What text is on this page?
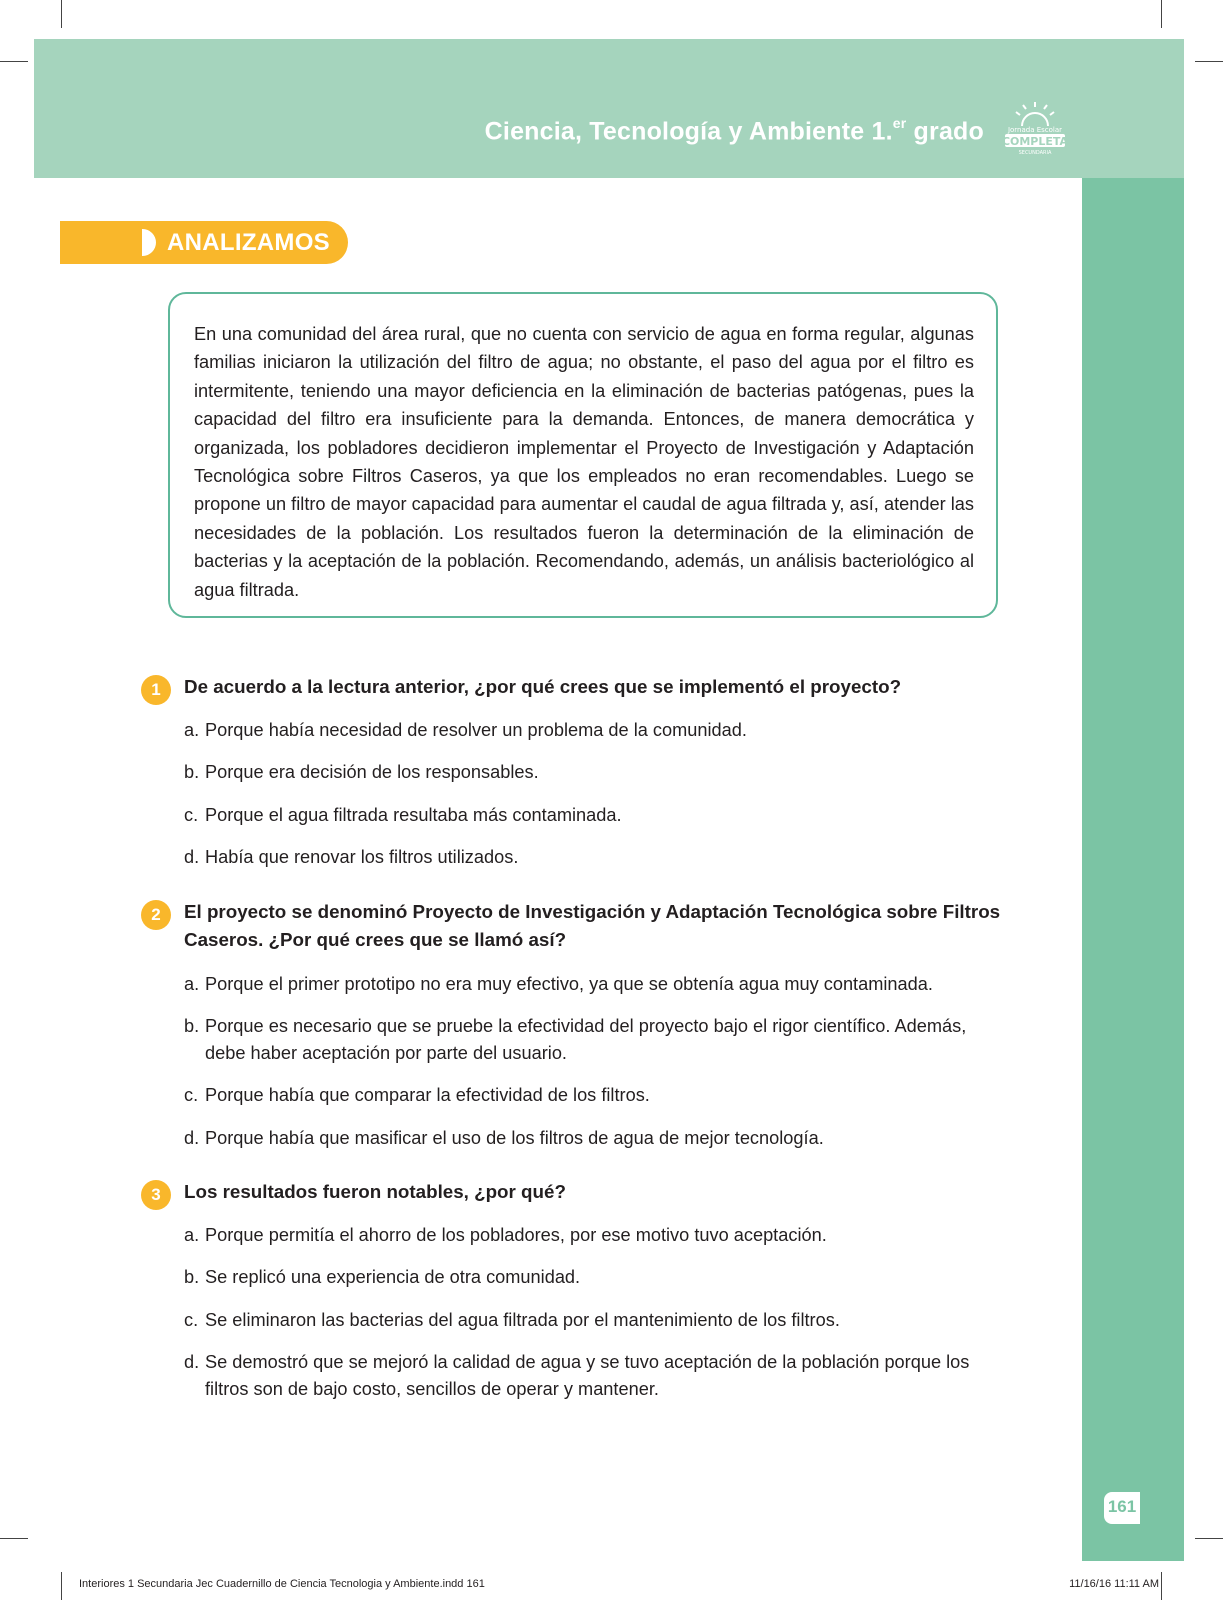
Ciencia, Tecnología y Ambiente 1.$^{er}$ grado	Jornada Escolar
COMPLETA
SECUNDARIA
161
ANALIZAMOS
En una comunidad del área rural, que no cuenta con servicio de agua en forma regular, algunas familias iniciaron la utilización del filtro de agua; no obstante, el paso del agua por el filtro es intermitente, teniendo una mayor deficiencia en la eliminación de bacterias patógenas, pues la capacidad del filtro era insuficiente para la demanda. Entonces, de manera democrática y organizada, los pobladores decidieron implementar el Proyecto de Investigación y Adaptación Tecnológica sobre Filtros Caseros, ya que los empleados no eran recomendables. Luego se propone un filtro de mayor capacidad para aumentar el caudal de agua filtrada y, así, atender las necesidades de la población. Los resultados fueron la determinación de la eliminación de bacterias y la aceptación de la población. Recomendando, además, un análisis bacteriológico al agua filtrada.
1	De acuerdo a la lectura anterior, ¿por qué crees que se implementó el proyecto?
a. Porque había necesidad de resolver un problema de la comunidad.
b. Porque era decisión de los responsables.
c. Porque el agua filtrada resultaba más contaminada.
d. Había que renovar los filtros utilizados.
2	El proyecto se denominó Proyecto de Investigación y Adaptación Tecnológica sobre Filtros
Caseros. ¿Por qué crees que se llamó así?
a. Porque el primer prototipo no era muy efectivo, ya que se obtenía agua muy contaminada.
b. Porque es necesario que se pruebe la efectividad del proyecto bajo el rigor científico. Además,
debe haber aceptación por parte del usuario.
c. Porque había que comparar la efectividad de los filtros.
d. Porque había que masificar el uso de los filtros de agua de mejor tecnología.
3	Los resultados fueron notables, ¿por qué?
a. Porque permitía el ahorro de los pobladores, por ese motivo tuvo aceptación.
b. Se replicó una experiencia de otra comunidad.
c. Se eliminaron las bacterias del agua filtrada por el mantenimiento de los filtros.
d. Se demostró que se mejoró la calidad de agua y se tuvo aceptación de la población porque los
filtros son de bajo costo, sencillos de operar y mantener.
Interiores 1 Secundaria Jec Cuadernillo de Ciencia Tecnologia y Ambiente.indd 161	11/16/16 11:11 AM
